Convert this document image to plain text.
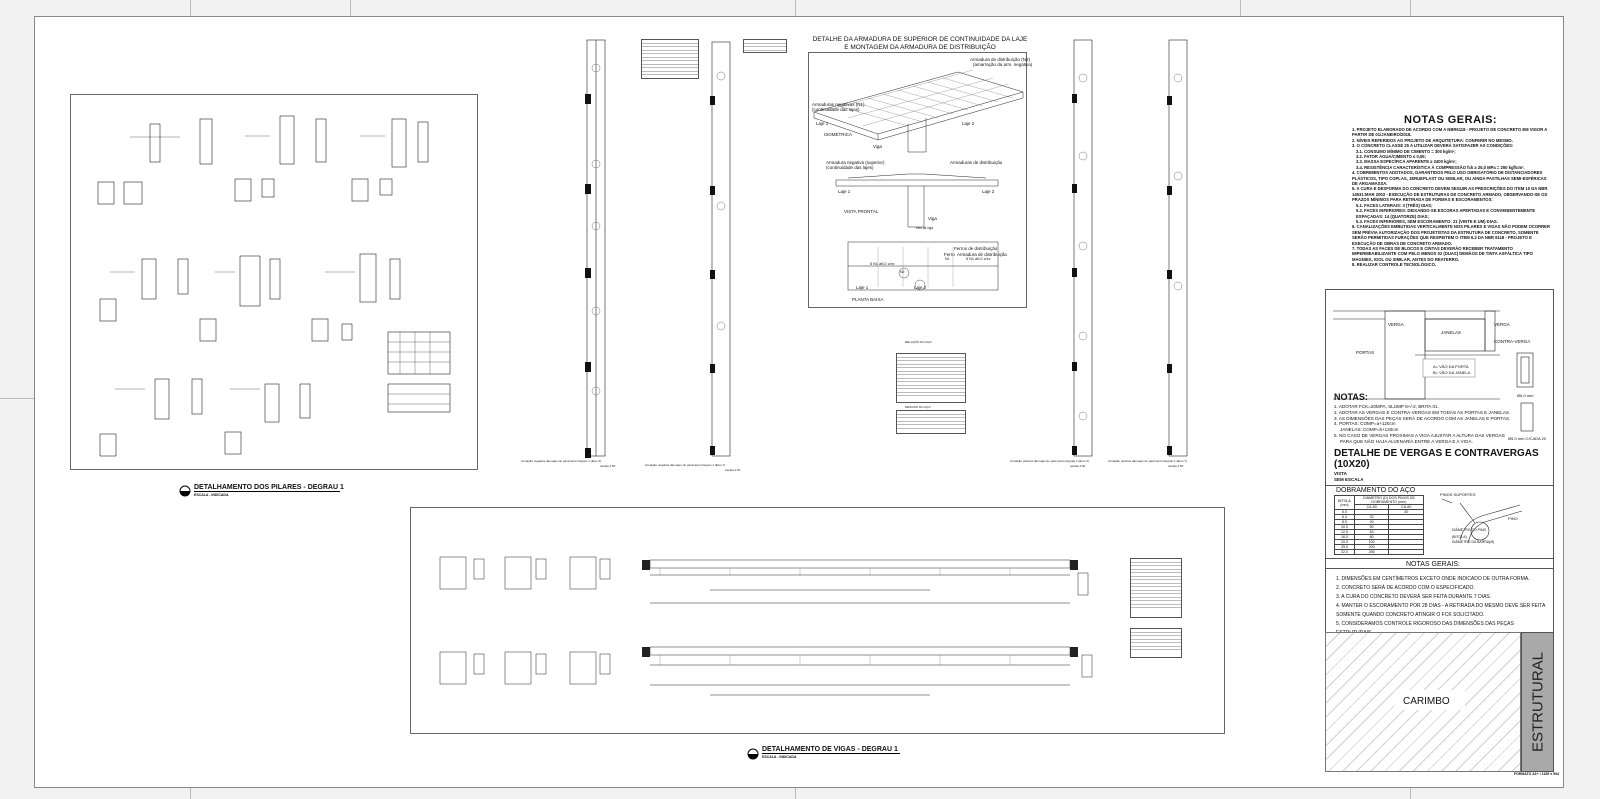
DETALHAMENTO DOS PILARES - DEGRAU 1
ESCALA - INDICADA
Armação negativa das lajes do pavimento Degrau 1 (Eixo X)
escala 1:50	Armação negativa das lajes do pavimento Degrau 1 (Eixo Y)
escala 1:50
Armação positiva das lajes do pavimento Degrau 1 (Eixo X)
escala 1:50
Armação positiva das lajes do pavimento Degrau 1 (Eixo Y)
escala 1:50
DETALHE DA ARMADURA DE SUPERIOR DE CONTINUIDADE DA LAJE
E MONTAGEM DA ARMADURA DE DISTRIBUIÇÃO
Armaduras negativas (N1)
(continuidade das lajes)
Armadura de distribuição (N2)
(amarração da arm. negativa)
Laje 1	Laje 2
ISOMÉTRICA
Viga
Armadura negativa (superior)
(continuidade das lajes)
Armaduras de distribuição
Laje 1	Laje 2
VISTA FRONTAL
Viga
eixo da viga
Ferros de distribuição
Ferro Armadura de distribuição
5 N1 ø5,0 c/xx
5 N1 ø5,0 c/xx
N1
N2
Laje 1	Laje 2
PLANTA BAIXA
RELAÇÃO DO AÇO
RESUMO DO AÇO
DETALHAMENTO DE VIGAS - DEGRAU 1
ESCALA - INDICADA
NOTAS GERAIS:
1. PROJETO ELABORADO DE ACORDO COM A NBR6118 - PROJETO DE CONCRETO EM VIGOR A PARTIR DE 01/JANEIRO/2018.
2. NÍVEIS REFERIDOS AO PROJETO DE ARQUITETURA: CONFERIR NO MESMO.
3. O CONCRETO CLASSE 25 A UTILIZAR DEVERÁ SATISFAZER AS CONDIÇÕES:
3.1. CONSUMO MÍNIMO DE CIMENTO = 300 kg/m³;
3.2. FATOR ÁGUA/CIMENTO ≤ 0,55;
3.3. MASSA ESPECÍFICA APARENTE ≥ 2400 kg/m³;
3.4. RESISTÊNCIA CARACTERÍSTICA À COMPRESSÃO fck ≥ 25,0 MPa = 250 kgf/cm².
4. COBRIMENTOS ADOTADOS, GARANTIDOS PELO USO OBRIGATÓRIO DE DISTANCIADORES PLÁSTICOS, TIPO COPLAS, JERUEPLAST OU SIMILAR, OU AINDA PASTILHAS SEMI-ESFÉRICAS DE ARGAMASSA.
5. A CURA E DESFORMA DO CONCRETO DEVEM SEGUIR AS PRESCRIÇÕES DO ITEM 10 DA NBR 14931:MAR 2003 - EXECUÇÃO DE ESTRUTURAS DE CONCRETO ARMADO, OBSERVANDO-SE OS PRAZOS MÍNIMOS PARA RETIRADA DE FORMAS E ESCORAMENTOS:
5.1. FACES LATERAIS: 3 (TRÊS) DIAS;
5.2. FACES INFERIORES: DEIXANDO-SE ESCORAS APERTADAS E CONVENIENTEMENTE ESPAÇADAS: 14 (QUATORZE) DIAS;
5.3. FACES INFERIORES, SEM ESCORAMENTO: 21 (VINTE E UM) DIAS.
6. CANALIZAÇÕES EMBUTIDAS VERTICALMENTE NOS PILARES E VIGAS NÃO PODEM OCORRER SEM PRÉVIA AUTORIZAÇÃO DOS PROJETISTAS DA ESTRUTURA DE CONCRETO, SOMENTE SERÃO PERMITIDAS FURAÇÕES QUE RESPEITEM O ITEM 6.2 DA NBR 6118 - PROJETO E EXECUÇÃO DE OBRAS DE CONCRETO ARMADO.
7. TODAS AS FACES DE BLOCOS E CINTAS DEVERÃO RECEBER TRATAMENTO IMPERMEABILIZANTE COM PELO MENOS 02 (DUAS) DEMÃOS DE TINTA ASFÁLTICA TIPO MAGNIEX, IGOL OU SIMILAR, ANTES DO REATERRO.
8. REALIZAR CONTROLE TECNOLÓGICO.
VERGA
JANELAS
VERGA
CONTRA-VERGA
PORTAS
A= VÃO DA PORTA
B= VÃO DA JANELA
Ø6,0 mm
Ø5,0 mm C/CADA 20
NOTAS:
1. ADOTAR FCK=20MPA, SLUMP 8+/-2, BRITA 01.
2. ADOTAR AS VERGAS E CONTRA-VERGAS EM TODAS AS PORTAS E JANELAS.
3. AS DIMENSÕES DAS PEÇAS SERÁ DE ACORDO COM AS JANELAS E PORTAS.
4. PORTAS: COMP=a+120cm
JANELAS: COMP=b+120cm
5. NO CASO DE VERGAS PROXIMAS A VIGA AJUSTAR A ALTURA DAS VERGAS
PARA QUE NÃO HAJA ALVENARIA ENTRE A VERGA E A VIGA.
DETALHE DE VERGAS E CONTRAVERGAS
(10X20)
VISTA
SEM ESCALA
DOBRAMENTO DO AÇO
BITOLA (mm)	DIÂMETRO (D) DOS PINOS DE DOBRAMENTO (mm)	
	CA-50	CA-60
5.0		30
6.3	32	
8.0	40	
10.0	50	
12.5	63	
16.0	80	
20.0	100	
25.0	200	
32.0	256	
PINOS SUPORTES
PINO
DIÂMETRO DO PINO
(BITOLA)
DIÂMETRO DA BARRA(Ø)
NOTAS GERAIS:
1. DIMENSÕES EM CENTÍMETROS EXCETO ONDE INDICADO DE OUTRA FORMA.
2. CONCRETO SERÁ DE ACORDO COM O ESPECIFICADO.
3. A CURA DO CONCRETO DEVERÁ SER FEITA DURANTE 7 DIAS.
4. MANTER O ESCORAMENTO POR 28 DIAS - A RETIRADA DO MESMO DEVE SER FEITA SOMENTE QUANDO CONCRETO ATINGIR O FCK SOLICITADO.
5. CONSIDERAMOS CONTROLE RIGOROSO DAS DIMENSÕES DAS PEÇAS
CARIMBO	ESTRUTURAL
FORMATO A1+ / 1189 x 594
